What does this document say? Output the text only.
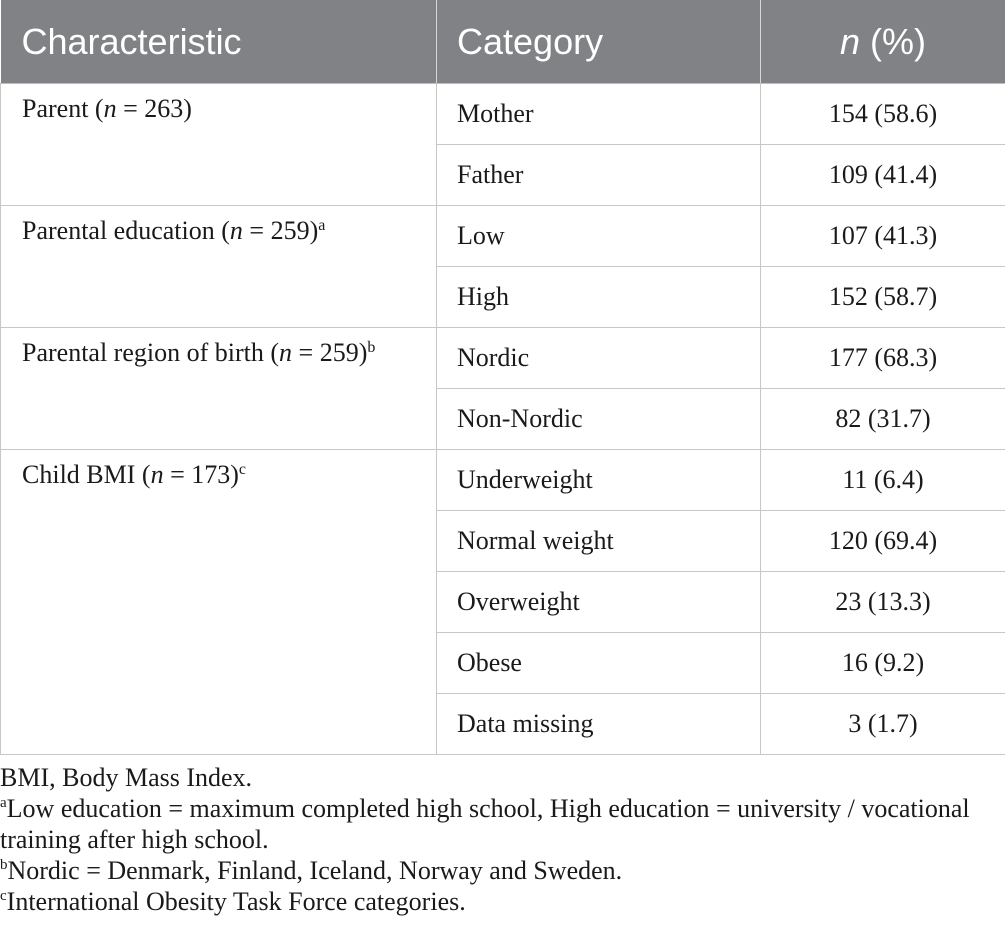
Characteristic	Category	n (%)
Parent (n = 263)	Mother	154 (58.6)
	Father	109 (41.4)
Parental education (n = 259)$^a$	Low	107 (41.3)
	High	152 (58.7)
Parental region of birth (n = 259)$^b$	Nordic	177 (68.3)
	Non-Nordic	82 (31.7)
Child BMI (n = 173)$^c$	Underweight	11 (6.4)
	Normal weight	120 (69.4)
	Overweight	23 (13.3)
	Obese	16 (9.2)
	Data missing	3 (1.7)

BMI, Body Mass Index.

$^a$Low education = maximum completed high school, High education = university / vocational training after high school.

$^b$Nordic = Denmark, Finland, Iceland, Norway and Sweden.

$^c$International Obesity Task Force categories.
